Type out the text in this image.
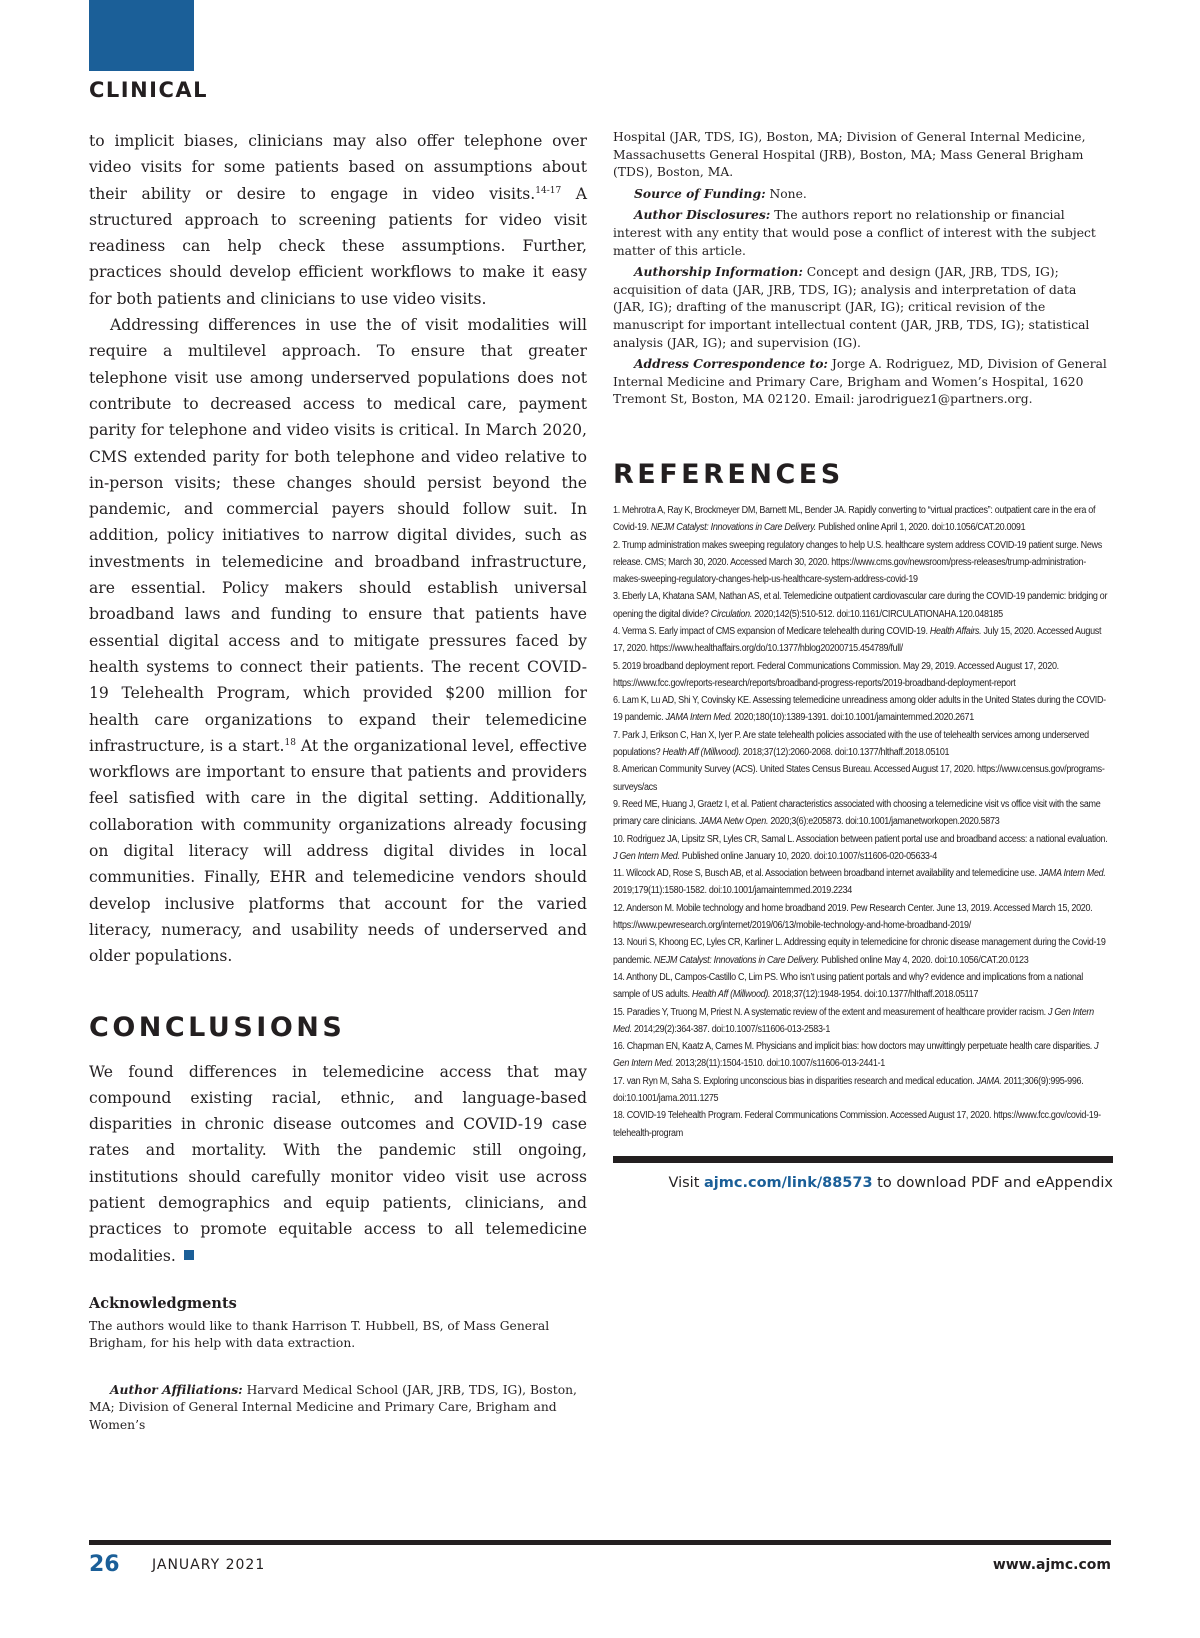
CLINICAL

to implicit biases, clinicians may also offer telephone over video visits for some patients based on assumptions about their ability or desire to engage in video visits.$^{14-17}$ A structured approach to screening patients for video visit readiness can help check these assumptions. Further, practices should develop efficient workflows to make it easy for both patients and clinicians to use video visits.

Addressing differences in use the of visit modalities will require a multilevel approach. To ensure that greater telephone visit use among underserved populations does not contribute to decreased access to medical care, payment parity for telephone and video visits is critical. In March 2020, CMS extended parity for both telephone and video relative to in-person visits; these changes should persist beyond the pandemic, and commercial payers should follow suit. In addition, policy initiatives to narrow digital divides, such as investments in telemedicine and broadband infrastructure, are essential. Policy makers should establish universal broadband laws and funding to ensure that patients have essential digital access and to mitigate pressures faced by health systems to connect their patients. The recent COVID-19 Telehealth Program, which provided $200 million for health care organizations to expand their telemedicine infrastructure, is a start.$^{18}$ At the organizational level, effective workflows are important to ensure that patients and providers feel satisfied with care in the digital setting. Additionally, collaboration with community organizations already focusing on digital literacy will address digital divides in local communities. Finally, EHR and telemedicine vendors should develop inclusive platforms that account for the varied literacy, numeracy, and usability needs of underserved and older populations.

CONCLUSIONS

We found differences in telemedicine access that may compound existing racial, ethnic, and language-based disparities in chronic disease outcomes and COVID-19 case rates and mortality. With the pandemic still ongoing, institutions should carefully monitor video visit use across patient demographics and equip patients, clinicians, and practices to promote equitable access to all telemedicine modalities.

Acknowledgments

The authors would like to thank Harrison T. Hubbell, BS, of Mass General Brigham, for his help with data extraction.

Author Affiliations: Harvard Medical School (JAR, JRB, TDS, IG), Boston, MA; Division of General Internal Medicine and Primary Care, Brigham and Women’s

Hospital (JAR, TDS, IG), Boston, MA; Division of General Internal Medicine, Massachusetts General Hospital (JRB), Boston, MA; Mass General Brigham (TDS), Boston, MA.

Source of Funding: None.

Author Disclosures: The authors report no relationship or financial interest with any entity that would pose a conflict of interest with the subject matter of this article.

Authorship Information: Concept and design (JAR, JRB, TDS, IG); acquisition of data (JAR, JRB, TDS, IG); analysis and interpretation of data (JAR, IG); drafting of the manuscript (JAR, IG); critical revision of the manuscript for important intellectual content (JAR, JRB, TDS, IG); statistical analysis (JAR, IG); and supervision (IG).

Address Correspondence to: Jorge A. Rodriguez, MD, Division of General Internal Medicine and Primary Care, Brigham and Women’s Hospital, 1620 Tremont St, Boston, MA 02120. Email: jarodriguez1@partners.org.

REFERENCES
1. Mehrotra A, Ray K, Brockmeyer DM, Barnett ML, Bender JA. Rapidly converting to “virtual practices”: outpatient care in the era of Covid-19. NEJM Catalyst: Innovations in Care Delivery. Published online April 1, 2020. doi:10.1056/CAT.20.0091
2. Trump administration makes sweeping regulatory changes to help U.S. healthcare system address COVID-19 patient surge. News release. CMS; March 30, 2020. Accessed March 30, 2020. https://www.cms.gov/newsroom/press-releases/trump-administration-makes-sweeping-regulatory-changes-help-us-healthcare-system-address-covid-19
3. Eberly LA, Khatana SAM, Nathan AS, et al. Telemedicine outpatient cardiovascular care during the COVID-19 pandemic: bridging or opening the digital divide? Circulation. 2020;142(5):510-512. doi:10.1161/CIRCULATIONAHA.120.048185
4. Verma S. Early impact of CMS expansion of Medicare telehealth during COVID-19. Health Affairs. July 15, 2020. Accessed August 17, 2020. https://www.healthaffairs.org/do/10.1377/hblog20200715.454789/full/
5. 2019 broadband deployment report. Federal Communications Commission. May 29, 2019. Accessed August 17, 2020. https://www.fcc.gov/reports-research/reports/broadband-progress-reports/2019-broadband-deployment-report
6. Lam K, Lu AD, Shi Y, Covinsky KE. Assessing telemedicine unreadiness among older adults in the United States during the COVID-19 pandemic. JAMA Intern Med. 2020;180(10):1389-1391. doi:10.1001/jamainternmed.2020.2671
7. Park J, Erikson C, Han X, Iyer P. Are state telehealth policies associated with the use of telehealth services among underserved populations? Health Aff (Millwood). 2018;37(12):2060-2068. doi:10.1377/hlthaff.2018.05101
8. American Community Survey (ACS). United States Census Bureau. Accessed August 17, 2020. https://www.census.gov/programs-surveys/acs
9. Reed ME, Huang J, Graetz I, et al. Patient characteristics associated with choosing a telemedicine visit vs office visit with the same primary care clinicians. JAMA Netw Open. 2020;3(6):e205873. doi:10.1001/jamanetworkopen.2020.5873
10. Rodriguez JA, Lipsitz SR, Lyles CR, Samal L. Association between patient portal use and broadband access: a national evaluation. J Gen Intern Med. Published online January 10, 2020. doi:10.1007/s11606-020-05633-4
11. Wilcock AD, Rose S, Busch AB, et al. Association between broadband internet availability and telemedicine use. JAMA Intern Med. 2019;179(11):1580-1582. doi:10.1001/jamainternmed.2019.2234
12. Anderson M. Mobile technology and home broadband 2019. Pew Research Center. June 13, 2019. Accessed March 15, 2020. https://www.pewresearch.org/internet/2019/06/13/mobile-technology-and-home-broadband-2019/
13. Nouri S, Khoong EC, Lyles CR, Karliner L. Addressing equity in telemedicine for chronic disease management during the Covid-19 pandemic. NEJM Catalyst: Innovations in Care Delivery. Published online May 4, 2020. doi:10.1056/CAT.20.0123
14. Anthony DL, Campos-Castillo C, Lim PS. Who isn’t using patient portals and why? evidence and implications from a national sample of US adults. Health Aff (Millwood). 2018;37(12):1948-1954. doi:10.1377/hlthaff.2018.05117
15. Paradies Y, Truong M, Priest N. A systematic review of the extent and measurement of healthcare provider racism. J Gen Intern Med. 2014;29(2):364-387. doi:10.1007/s11606-013-2583-1
16. Chapman EN, Kaatz A, Carnes M. Physicians and implicit bias: how doctors may unwittingly perpetuate health care disparities. J Gen Intern Med. 2013;28(11):1504-1510. doi:10.1007/s11606-013-2441-1
17. van Ryn M, Saha S. Exploring unconscious bias in disparities research and medical education. JAMA. 2011;306(9):995-996. doi:10.1001/jama.2011.1275
18. COVID-19 Telehealth Program. Federal Communications Commission. Accessed August 17, 2020. https://www.fcc.gov/covid-19-telehealth-program
Visit ajmc.com/link/88573 to download PDF and eAppendix
26 JANUARY 2021	www.ajmc.com
